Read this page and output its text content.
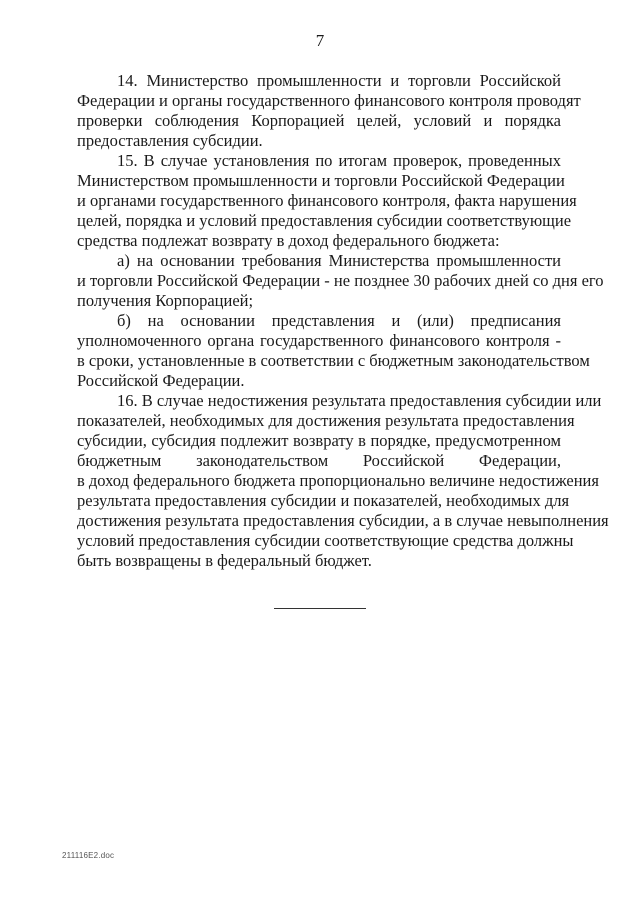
7
14. Министерство промышленности и торговли Российской
Федерации и органы государственного финансового контроля проводят
проверки соблюдения Корпорацией целей, условий и порядка
предоставления субсидии.
15. В случае установления по итогам проверок, проведенных
Министерством промышленности и торговли Российской Федерации
и органами государственного финансового контроля, факта нарушения
целей, порядка и условий предоставления субсидии соответствующие
средства подлежат возврату в доход федерального бюджета:
а) на основании требования Министерства промышленности
и торговли Российской Федерации - не позднее 30 рабочих дней со дня его
получения Корпорацией;
б) на основании представления и (или) предписания
уполномоченного органа государственного финансового контроля -
в сроки, установленные в соответствии с бюджетным законодательством
Российской Федерации.
16. В случае недостижения результата предоставления субсидии или
показателей, необходимых для достижения результата предоставления
субсидии, субсидия подлежит возврату в порядке, предусмотренном
бюджетным законодательством Российской Федерации,
в доход федерального бюджета пропорционально величине недостижения
результата предоставления субсидии и показателей, необходимых для
достижения результата предоставления субсидии, а в случае невыполнения
условий предоставления субсидии соответствующие средства должны
быть возвращены в федеральный бюджет.
211116E2.doc
